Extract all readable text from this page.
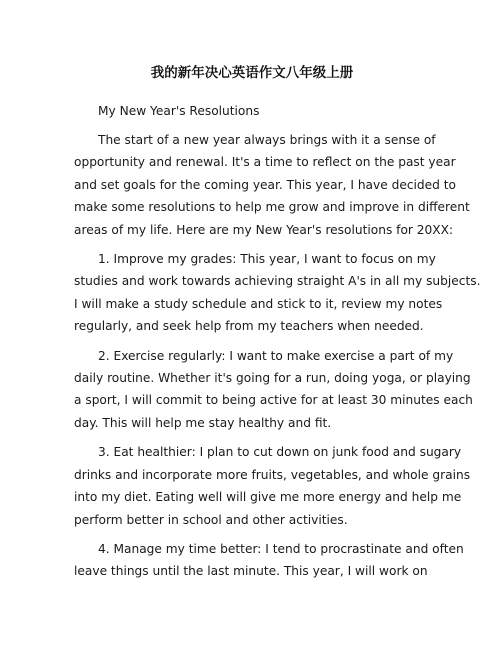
我的新年决心英语作文八年级上册

My New Year's Resolutions

The start of a new year always brings with it a sense of
opportunity and renewal. It's a time to reflect on the past year
and set goals for the coming year. This year, I have decided to
make some resolutions to help me grow and improve in different
areas of my life. Here are my New Year's resolutions for 20XX:

1. Improve my grades: This year, I want to focus on my
studies and work towards achieving straight A's in all my subjects.
I will make a study schedule and stick to it, review my notes
regularly, and seek help from my teachers when needed.

2. Exercise regularly: I want to make exercise a part of my
daily routine. Whether it's going for a run, doing yoga, or playing
a sport, I will commit to being active for at least 30 minutes each
day. This will help me stay healthy and fit.

3. Eat healthier: I plan to cut down on junk food and sugary
drinks and incorporate more fruits, vegetables, and whole grains
into my diet. Eating well will give me more energy and help me
perform better in school and other activities.

4. Manage my time better: I tend to procrastinate and often
leave things until the last minute. This year, I will work on
